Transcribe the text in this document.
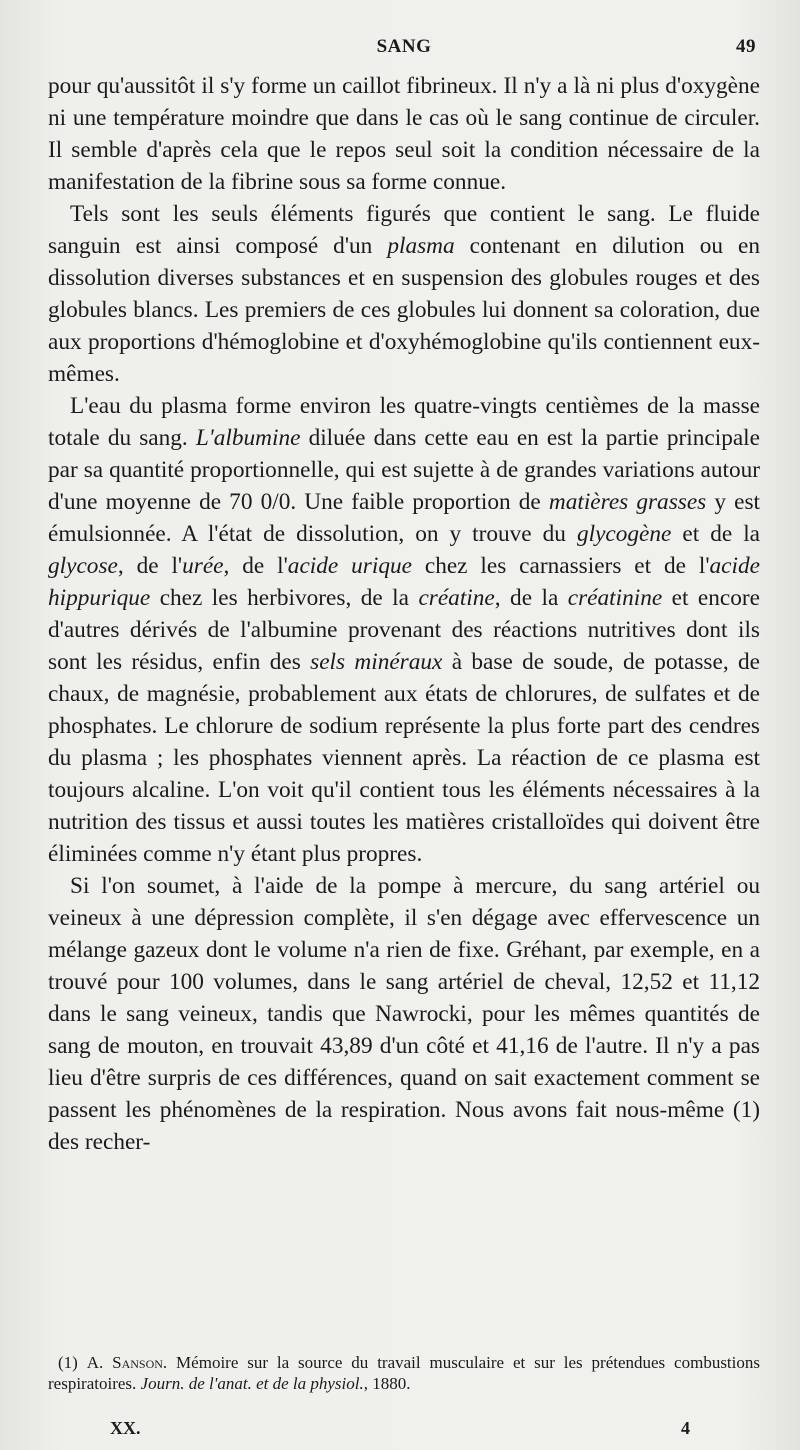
SANG	49

pour qu'aussitôt il s'y forme un caillot fibrineux. Il n'y a là ni plus d'oxygène ni une température moindre que dans le cas où le sang continue de circuler. Il semble d'après cela que le repos seul soit la condition nécessaire de la manifestation de la fibrine sous sa forme connue.

Tels sont les seuls éléments figurés que contient le sang. Le fluide sanguin est ainsi composé d'un plasma contenant en dilution ou en dissolution diverses substances et en suspension des globules rouges et des globules blancs. Les premiers de ces globules lui donnent sa coloration, due aux proportions d'hémoglobine et d'oxyhémoglobine qu'ils contiennent eux-mêmes.

L'eau du plasma forme environ les quatre-vingts centièmes de la masse totale du sang. L'albumine diluée dans cette eau en est la partie principale par sa quantité proportionnelle, qui est sujette à de grandes variations autour d'une moyenne de 70 0/0. Une faible proportion de matières grasses y est émulsionnée. A l'état de dissolution, on y trouve du glycogène et de la glycose, de l'urée, de l'acide urique chez les carnassiers et de l'acide hippurique chez les herbivores, de la créatine, de la créatinine et encore d'autres dérivés de l'albumine provenant des réactions nutritives dont ils sont les résidus, enfin des sels minéraux à base de soude, de potasse, de chaux, de magnésie, probablement aux états de chlorures, de sulfates et de phosphates. Le chlorure de sodium représente la plus forte part des cendres du plasma ; les phosphates viennent après. La réaction de ce plasma est toujours alcaline. L'on voit qu'il contient tous les éléments nécessaires à la nutrition des tissus et aussi toutes les matières cristalloïdes qui doivent être éliminées comme n'y étant plus propres.

Si l'on soumet, à l'aide de la pompe à mercure, du sang artériel ou veineux à une dépression complète, il s'en dégage avec effervescence un mélange gazeux dont le volume n'a rien de fixe. Gréhant, par exemple, en a trouvé pour 100 volumes, dans le sang artériel de cheval, 12,52 et 11,12 dans le sang veineux, tandis que Nawrocki, pour les mêmes quantités de sang de mouton, en trouvait 43,89 d'un côté et 41,16 de l'autre. Il n'y a pas lieu d'être surpris de ces différences, quand on sait exactement comment se passent les phénomènes de la respiration. Nous avons fait nous-même (1) des recher-

(1) A. Sanson. Mémoire sur la source du travail musculaire et sur les prétendues combustions respiratoires. Journ. de l'anat. et de la physiol., 1880.
XX.	4
